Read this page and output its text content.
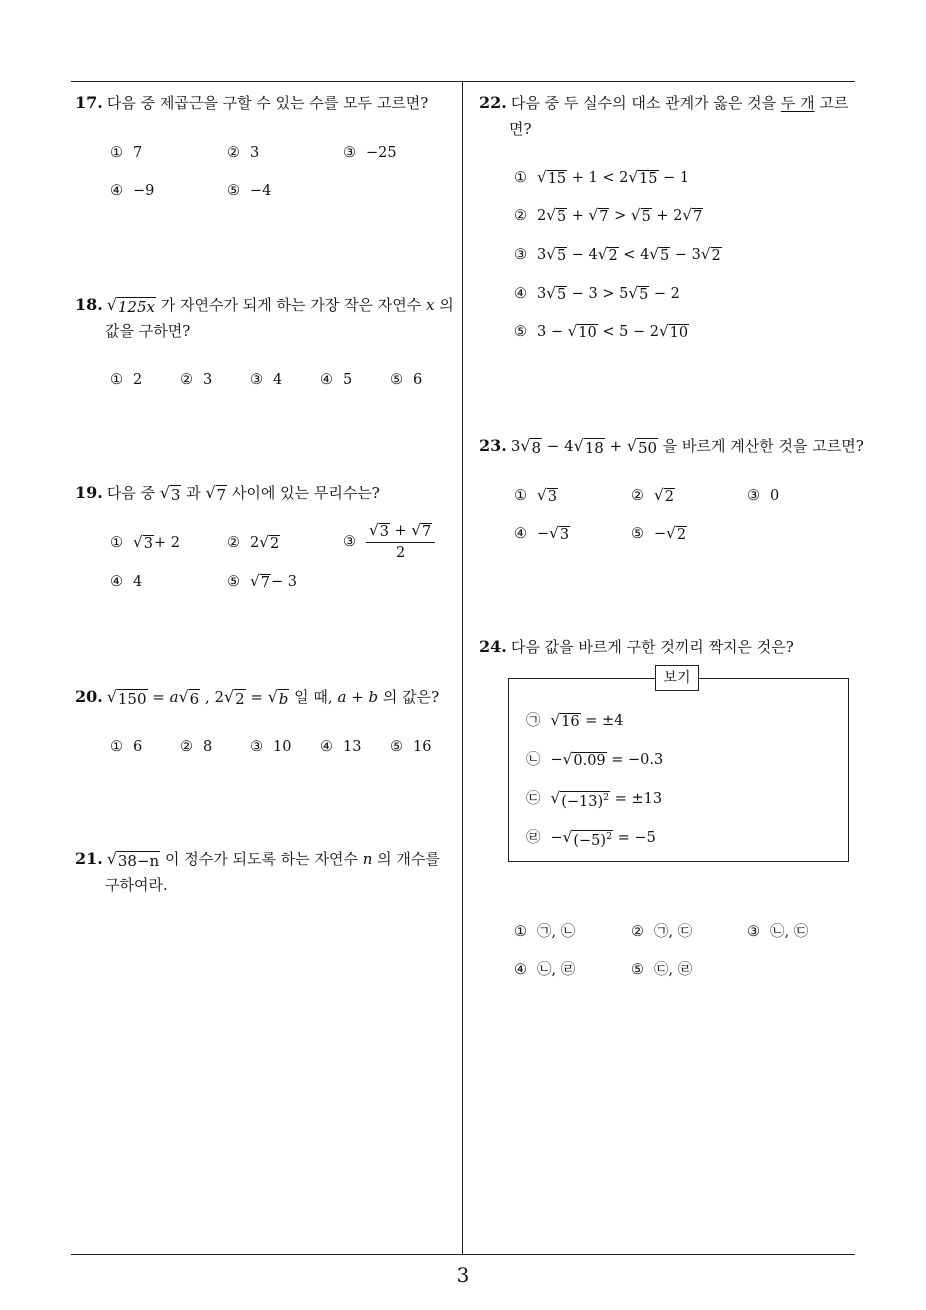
3
17. 다음 중 제곱근을 구할 수 있는 수를 모두 고르면?
① 7	② 3	③ −25
④ −9	⑤ −4
18. √ 125x 가 자연수가 되게 하는 가장 작은 자연수 x 의
값을 구하면?
① 2	② 3	③ 4	④ 5	⑤ 6
19. 다음 중 √ 3 과 √ 7 사이에 있는 무리수는?
① √ 3 + 2	② 2 √ 2	③ $\frac{√ 3 + √ 7}{2}$
④ 4	⑤ √ 7 − 3
20. √ 150 = a √ 6 , 2 √ 2 = √ b 일 때, a + b 의 값은?
① 6	② 8	③ 10 ④ 13 ⑤ 16
21. √ 38−n 이 정수가 되도록 하는 자연수 n 의 개수를
구하여라.
22. 다음 중 두 실수의 대소 관계가 옳은 것을 두 개 고르
면?
① √ 15 + 1 < 2 √ 15 − 1
② 2 √ 5 + √ 7 > √ 5 + 2 √ 7
③ 3 √ 5 − 4 √ 2 < 4 √ 5 − 3 √ 2
④ 3 √ 5 − 3 > 5 √ 5 − 2
⑤ 3 − √ 10 < 5 − 2 √ 10
23. 3 √ 8 − 4 √ 18 + √ 50 을 바르게 계산한 것을 고르면?
① √ 3	② √ 2	③ 0
④ − √ 3	⑤ − √ 2
24. 다음 값을 바르게 구한 것끼리 짝지은 것은?
보기
㉠ √ 16 = ±4
㉡ − √ 0.09 = −0.3
㉢ √ $(-13)^2 = \pm 13$
㉣ − √ $(-5)^2 = -5$
① ㉠, ㉡	② ㉠, ㉢	③ ㉡, ㉢
④ ㉡, ㉣	⑤ ㉢, ㉣
